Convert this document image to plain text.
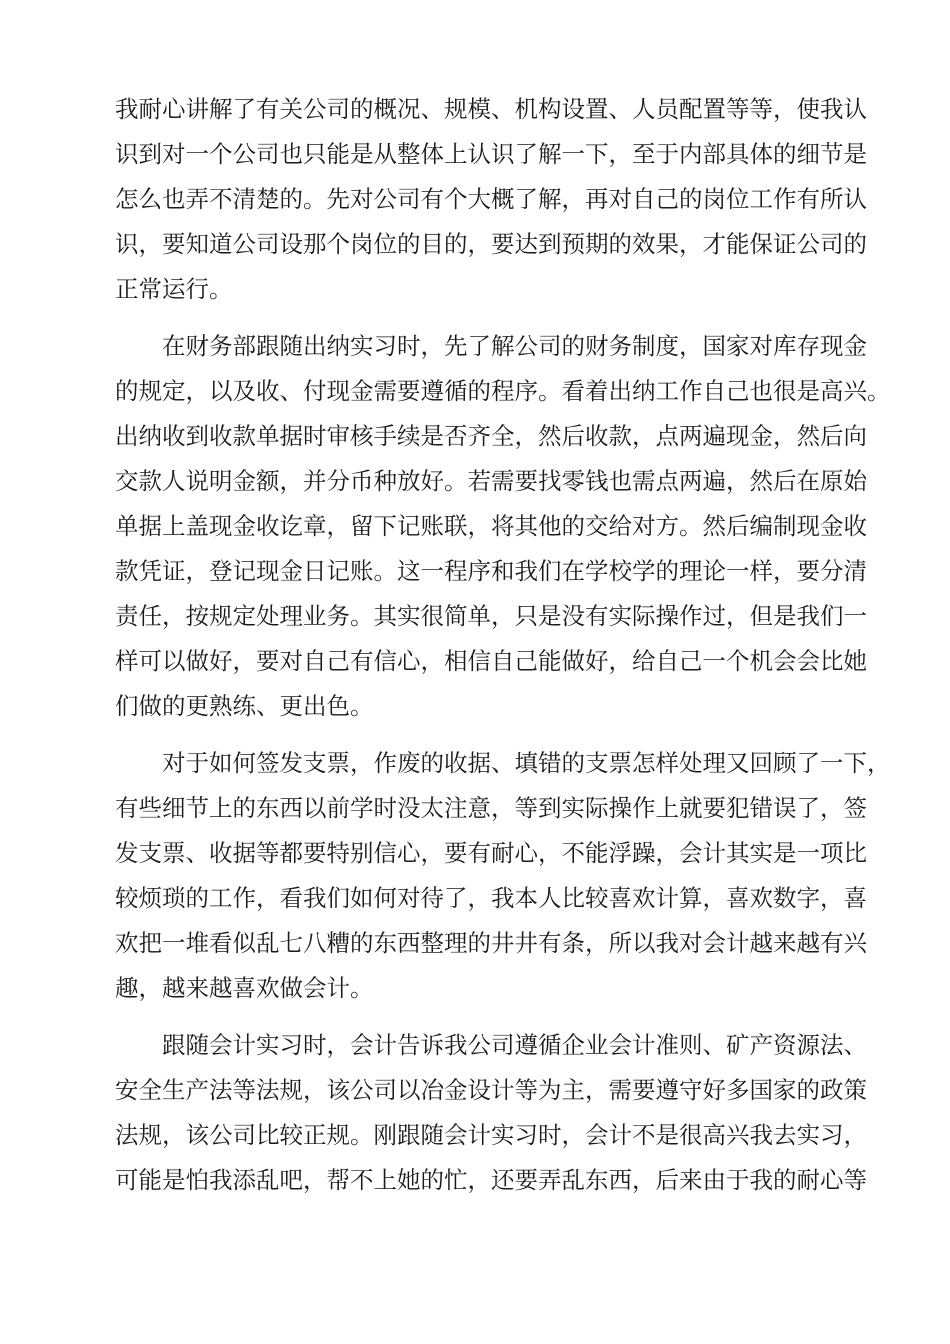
我耐心讲解了有关公司的概况、规模、机构设置、人员配置等等，使我认
识到对一个公司也只能是从整体上认识了解一下，至于内部具体的细节是
怎么也弄不清楚的。先对公司有个大概了解，再对自己的岗位工作有所认
识，要知道公司设那个岗位的目的，要达到预期的效果，才能保证公司的
正常运行。

　　在财务部跟随出纳实习时，先了解公司的财务制度，国家对库存现金
的规定，以及收、付现金需要遵循的程序。看着出纳工作自己也很是高兴。
出纳收到收款单据时审核手续是否齐全，然后收款，点两遍现金，然后向
交款人说明金额，并分币种放好。若需要找零钱也需点两遍，然后在原始
单据上盖现金收讫章，留下记账联，将其他的交给对方。然后编制现金收
款凭证，登记现金日记账。这一程序和我们在学校学的理论一样，要分清
责任，按规定处理业务。其实很简单，只是没有实际操作过，但是我们一
样可以做好，要对自己有信心，相信自己能做好，给自己一个机会会比她
们做的更熟练、更出色。

　　对于如何签发支票，作废的收据、填错的支票怎样处理又回顾了一下，
有些细节上的东西以前学时没太注意，等到实际操作上就要犯错误了，签
发支票、收据等都要特别信心，要有耐心，不能浮躁，会计其实是一项比
较烦琐的工作，看我们如何对待了，我本人比较喜欢计算，喜欢数字，喜
欢把一堆看似乱七八糟的东西整理的井井有条，所以我对会计越来越有兴
趣，越来越喜欢做会计。

　　跟随会计实习时，会计告诉我公司遵循企业会计准则、矿产资源法、
安全生产法等法规，该公司以冶金设计等为主，需要遵守好多国家的政策
法规，该公司比较正规。刚跟随会计实习时，会计不是很高兴我去实习，
可能是怕我添乱吧，帮不上她的忙，还要弄乱东西，后来由于我的耐心等
